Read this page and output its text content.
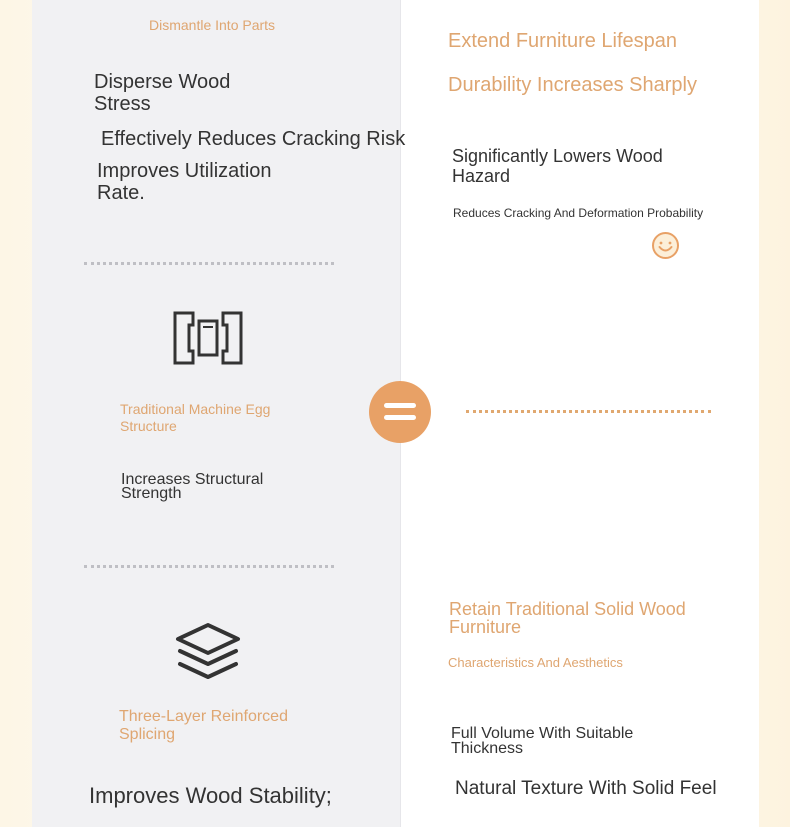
Dismantle Into Parts

Disperse Wood Stress

Effectively Reduces Cracking Risk

Improves Utilization Rate.

Traditional Machine Egg Structure

Increases Structural Strength

Three-Layer Reinforced Splicing

Improves Wood Stability;

Extend Furniture Lifespan

Durability Increases Sharply

Significantly Lowers Wood Hazard

Reduces Cracking And Deformation Probability

Retain Traditional Solid Wood Furniture

Characteristics And Aesthetics

Full Volume With Suitable Thickness

Natural Texture With Solid Feel
